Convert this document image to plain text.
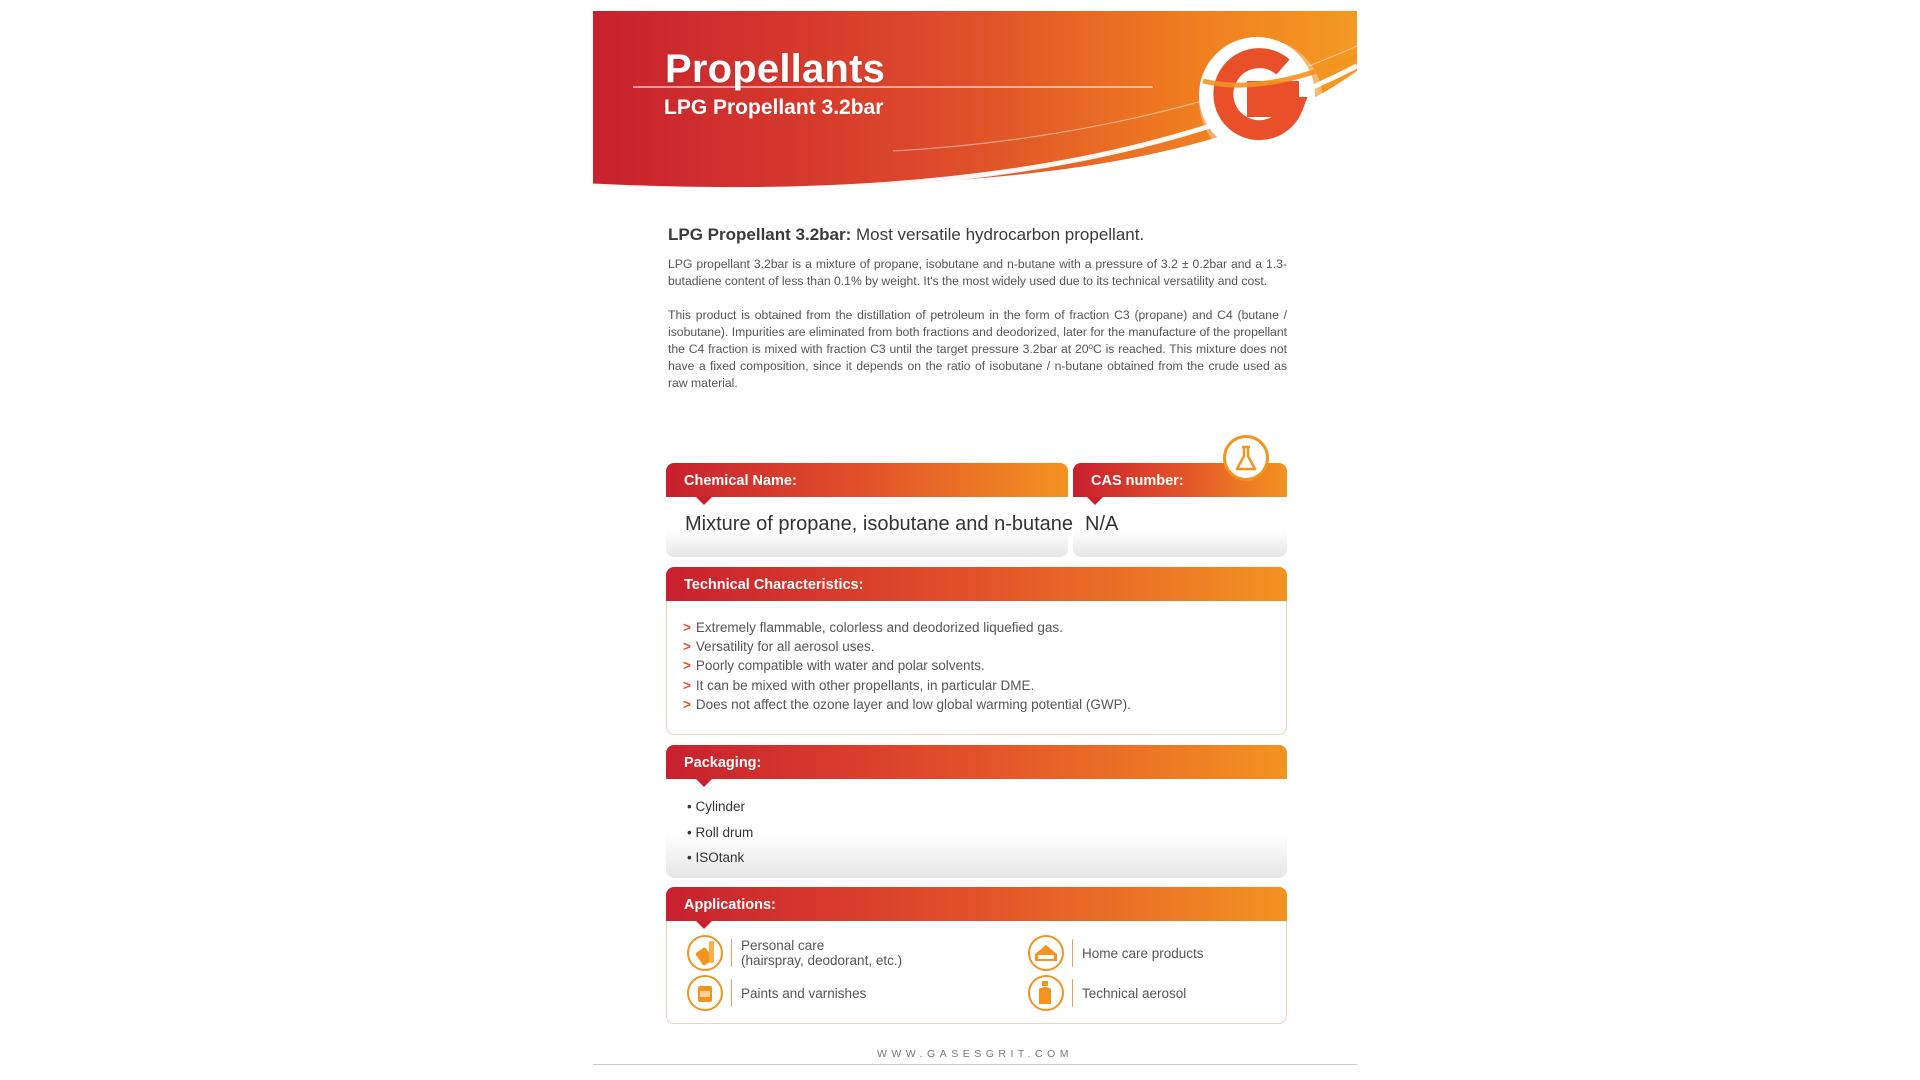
Propellants
LPG Propellant 3.2bar
LPG Propellant 3.2bar: Most versatile hydrocarbon propellant.

LPG propellant 3.2bar is a mixture of propane, isobutane and n-butane with a pressure of 3.2 ± 0.2bar and a 1.3-butadiene content of less than 0.1% by weight. It's the most widely used due to its technical versatility and cost.

This product is obtained from the distillation of petroleum in the form of fraction C3 (propane) and C4 (butane / isobutane). Impurities are eliminated from both fractions and deodorized, later for the manufacture of the propellant the C4 fraction is mixed with fraction C3 until the target pressure 3.2bar at 20ºC is reached. This mixture does not have a fixed composition, since it depends on the ratio of isobutane / n-butane obtained from the crude used as raw material.

Chemical Name:
Mixture of propane, isobutane and n-butane
CAS number:
N/A
Technical Characteristics:
> Extremely flammable, colorless and deodorized liquefied gas.
> Versatility for all aerosol uses.
> Poorly compatible with water and polar solvents.
> It can be mixed with other propellants, in particular DME.
> Does not affect the ozone layer and low global warming potential (GWP).
Packaging:
• Cylinder
• Roll drum
• ISOtank
Applications:
Personal care
(hairspray, deodorant, etc.)	Home care products
Paints and varnishes	Technical aerosol
WWW.GASESGRIT.COM
